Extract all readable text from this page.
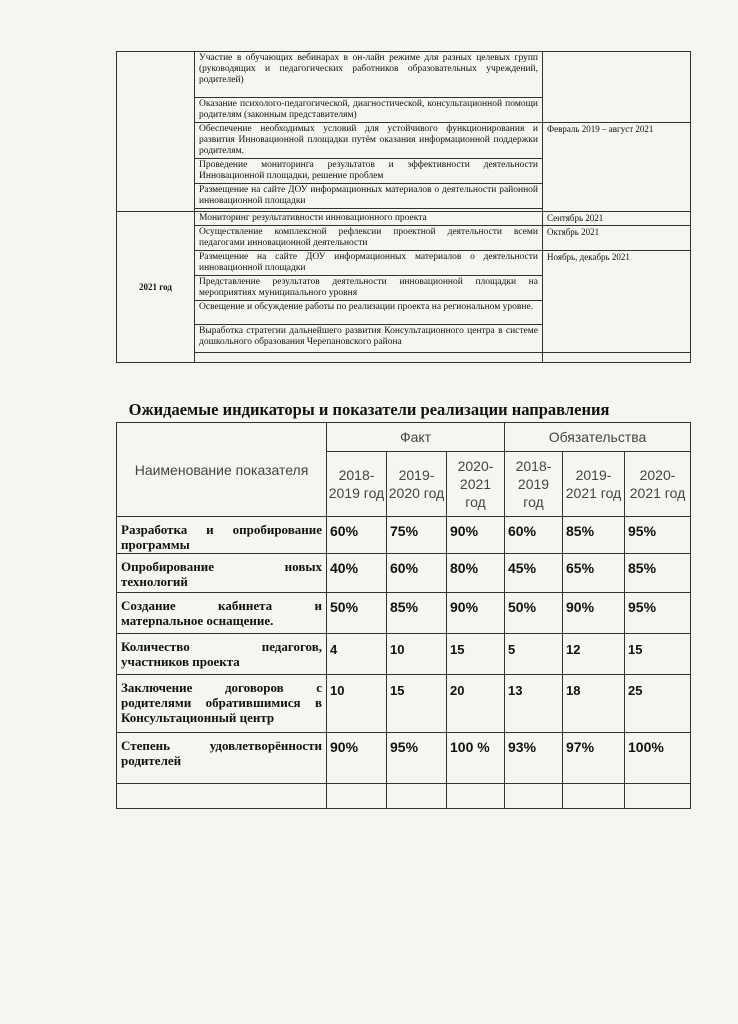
	Участие в обучающих вебинарах в он-лайн режиме для разных целевых групп (руководящих и педагогических работников образовательных учреждений, родителей)	
	Оказание психолого-педагогической, диагностической, консультационной помощи родителям (законным представителям)	
	Обеспечение необходимых условий для устойчивого функционирования и развития Инновационной площадки путём оказания информационной поддержки родителям.	Февраль 2019 – август 2021
	Проведение мониторинга результатов и эффективности деятельности Инновационной площадки, решение проблем	
	Размещение на сайте ДОУ информационных материалов о деятельности районной инновационной площадки	

2021 год	Мониторинг результативности инновационного проекта	Сентябрь 2021
	Осуществление комплексной рефлексии проектной деятельности всеми педагогами инновационной деятельности	Октябрь 2021
	Размещение на сайте ДОУ информационных материалов о деятельности инновационной площадки	Ноябрь, декабрь 2021
	Представление результатов деятельности инновационной площадки на мероприятиях муниципального уровня	
	Освещение и обсуждение работы по реализации проекта на региональном уровне.	
	Выработка стратегии дальнейшего развития Консультационного центра в системе дошкольного образования Черепановского района	

Ожидаемые индикаторы и показатели реализации направления
Наименование показателя	Факт			Обязательства		
	2018-2019 год	2019-2020 год	2020-2021 год	2018-2019 год	2019-2021 год	2020-2021 год
Разработка и опробирование программы	60%	75%	90%	60%	85%	95%
Опробирование новых технологий	40%	60%	80%	45%	65%	85%
Создание кабинета и матерnальное оснащение.	50%	85%	90%	50%	90%	95%
Количество педагогов, участников проекта	4	10	15	5	12	15
Заключение договоров с родителями обратившимися в Консультационный центр	10	15	20	13	18	25
Степень удовлетворённости родителей	90%	95%	100 %	93%	97%	100%
